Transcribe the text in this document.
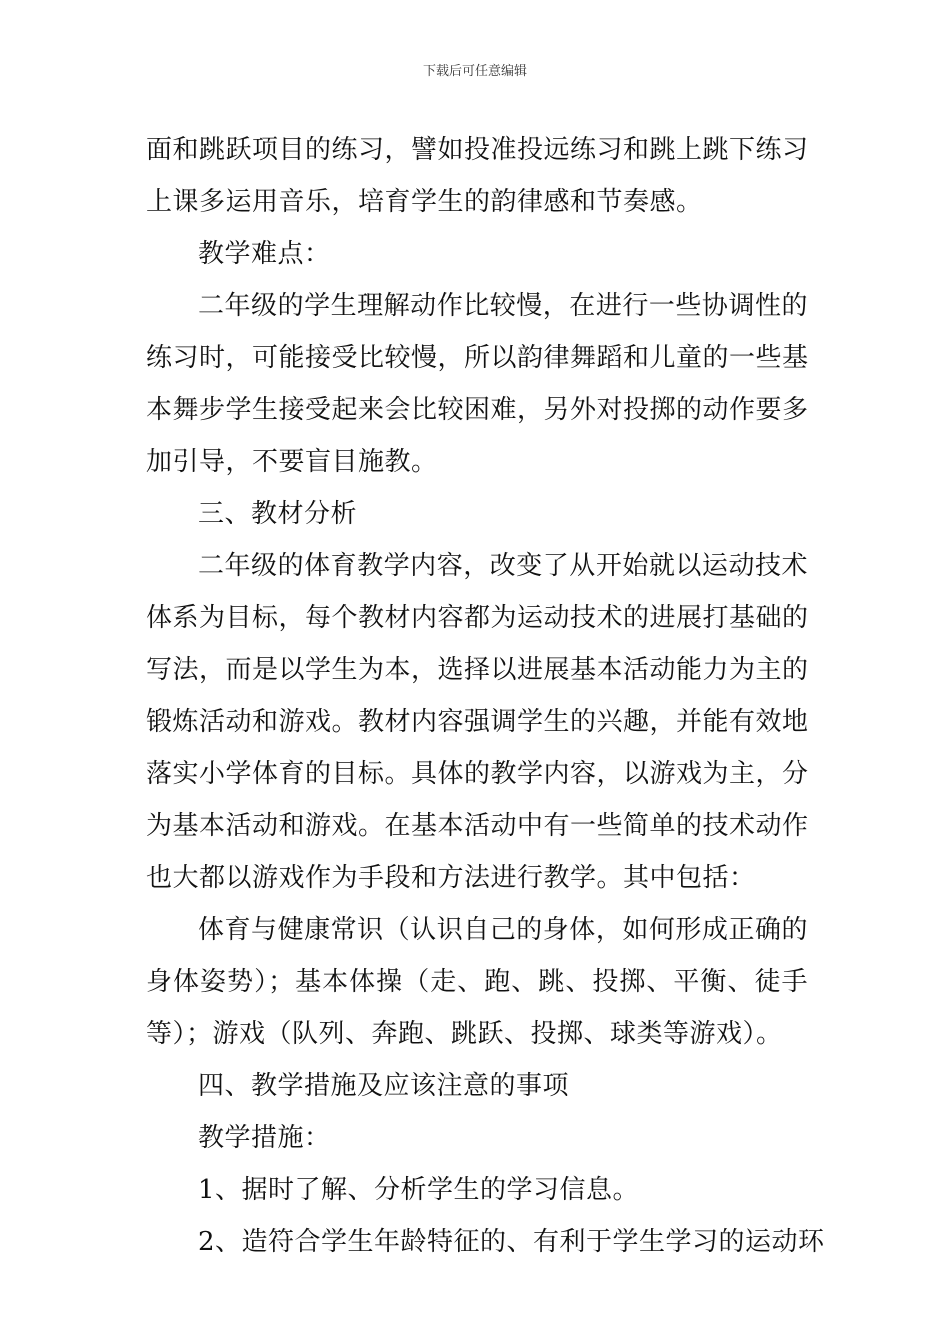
下载后可任意编辑
面和跳跃项目的练习，譬如投准投远练习和跳上跳下练习
上课多运用音乐，培育学生的韵律感和节奏感。
教学难点：
二年级的学生理解动作比较慢，在进行一些协调性的
练习时，可能接受比较慢，所以韵律舞蹈和儿童的一些基
本舞步学生接受起来会比较困难，另外对投掷的动作要多
加引导，不要盲目施教。
三、教材分析
二年级的体育教学内容，改变了从开始就以运动技术
体系为目标，每个教材内容都为运动技术的进展打基础的
写法，而是以学生为本，选择以进展基本活动能力为主的
锻炼活动和游戏。教材内容强调学生的兴趣，并能有效地
落实小学体育的目标。具体的教学内容，以游戏为主，分
为基本活动和游戏。在基本活动中有一些简单的技术动作
也大都以游戏作为手段和方法进行教学。其中包括：
体育与健康常识（认识自己的身体，如何形成正确的
身体姿势）；基本体操（走、跑、跳、投掷、平衡、徒手
等）；游戏（队列、奔跑、跳跃、投掷、球类等游戏）。
四、教学措施及应该注意的事项
教学措施：
1、据时了解、分析学生的学习信息。
2、造符合学生年龄特征的、有利于学生学习的运动环
